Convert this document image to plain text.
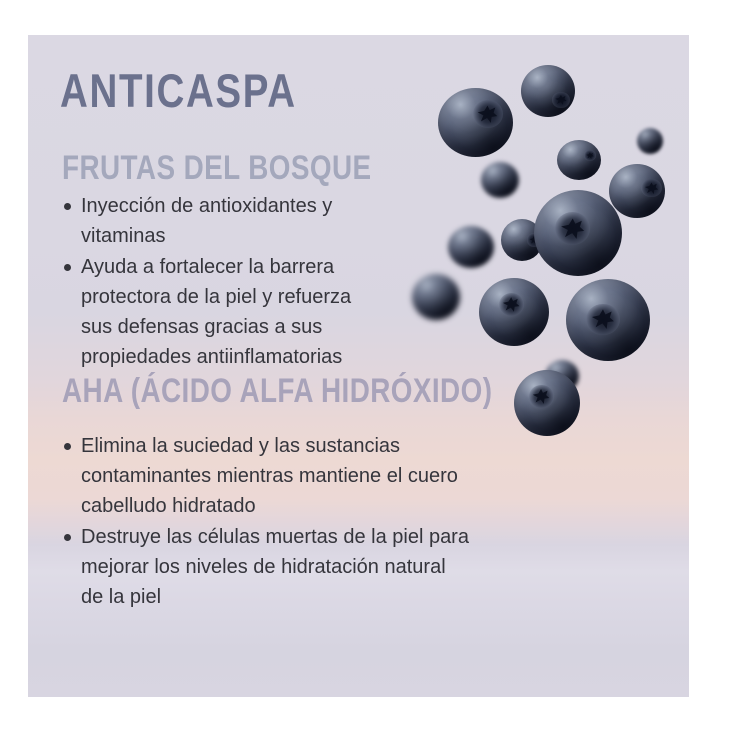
ANTICASPA
FRUTAS DEL BOSQUE
Inyección de antioxidantes y
vitaminas
Ayuda a fortalecer la barrera
protectora de la piel y refuerza
sus defensas gracias a sus
propiedades antiinflamatorias
AHA (ÁCIDO ALFA HIDRÓXIDO)
Elimina la suciedad y las sustancias
contaminantes mientras mantiene el cuero
cabelludo hidratado
Destruye las células muertas de la piel para
mejorar los niveles de hidratación natural
de la piel
